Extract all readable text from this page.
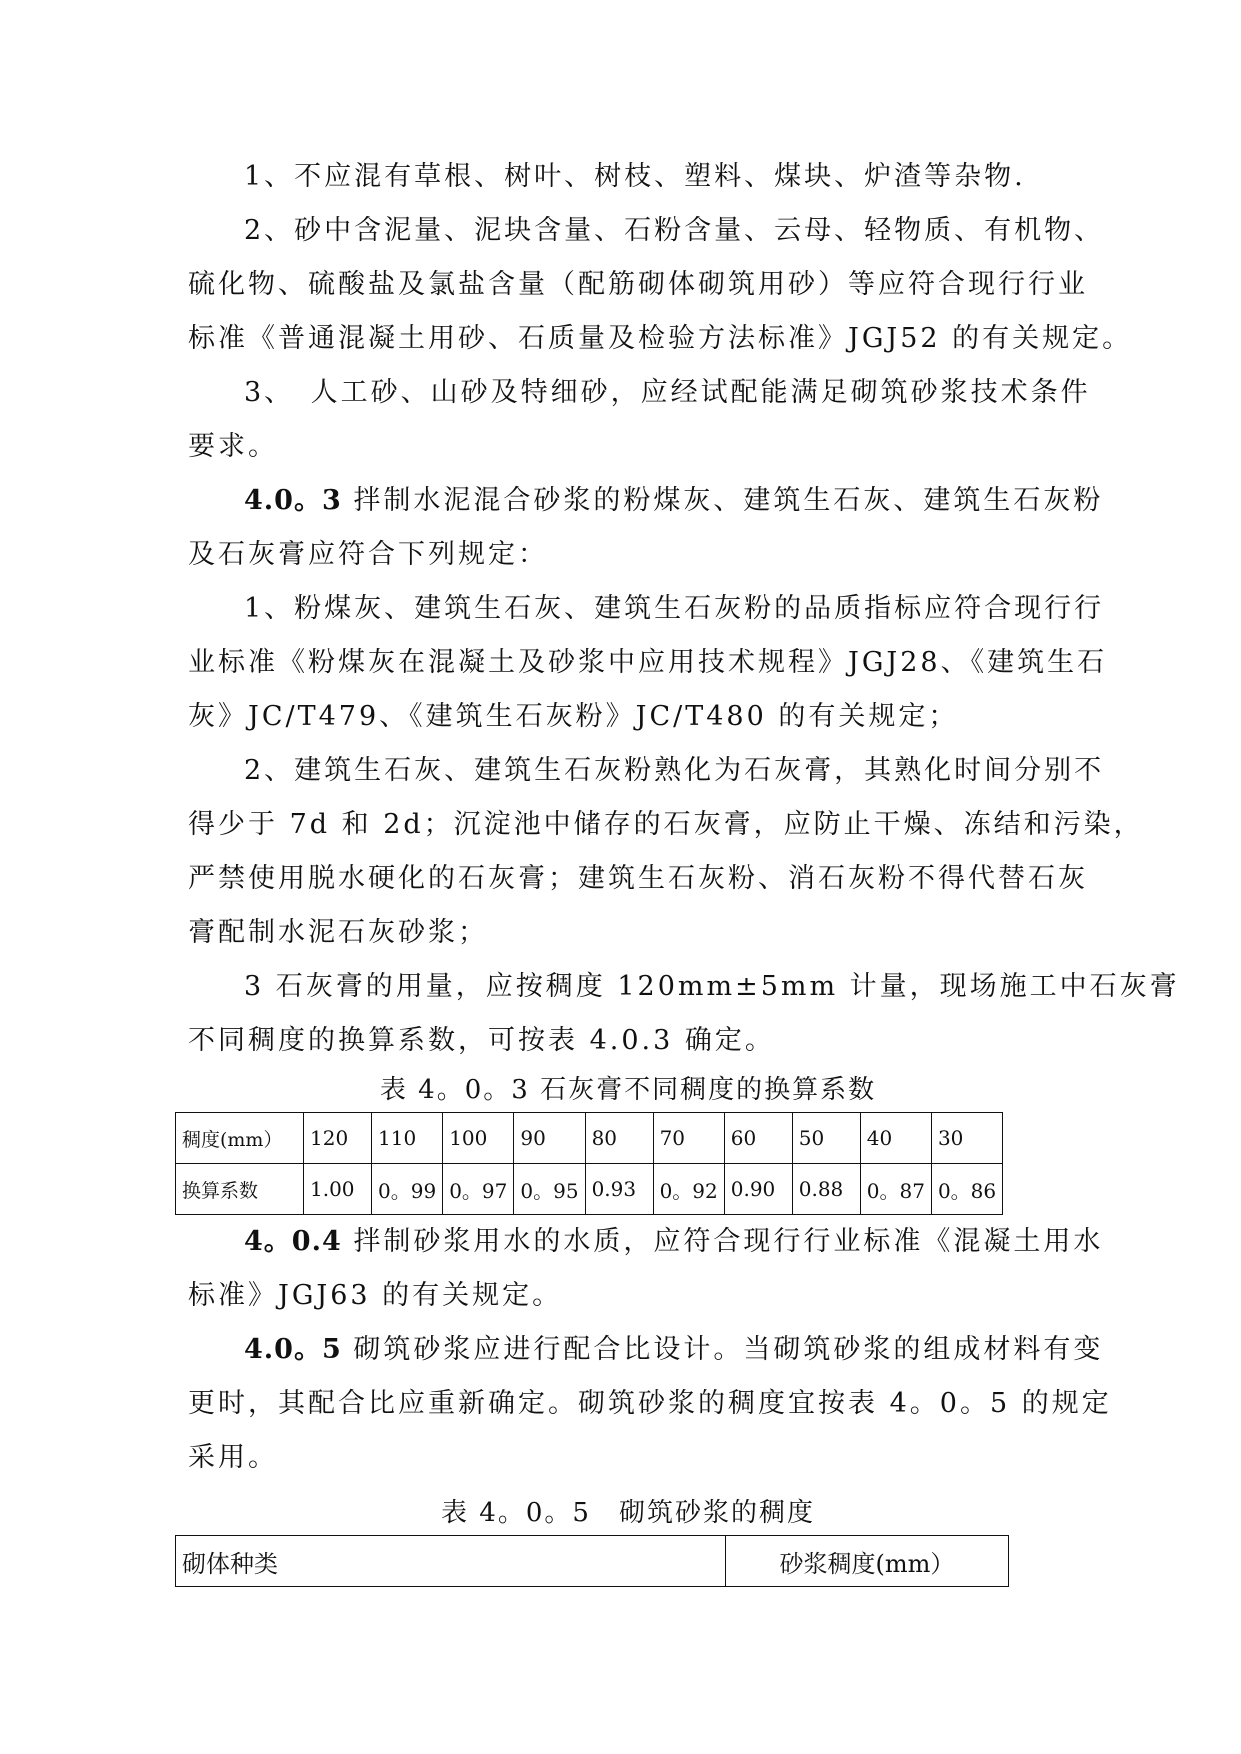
1、不应混有草根、树叶、树枝、塑料、煤块、炉渣等杂物.

2、砂中含泥量、泥块含量、石粉含量、云母、轻物质、有机物、

硫化物、硫酸盐及氯盐含量（配筋砌体砌筑用砂）等应符合现行行业

标准《普通混凝土用砂、石质量及检验方法标准》JGJ52 的有关规定。

3、　人工砂、山砂及特细砂，应经试配能满足砌筑砂浆技术条件

要求。

4.0。3 拌制水泥混合砂浆的粉煤灰、建筑生石灰、建筑生石灰粉

及石灰膏应符合下列规定：

1、粉煤灰、建筑生石灰、建筑生石灰粉的品质指标应符合现行行

业标准《粉煤灰在混凝土及砂浆中应用技术规程》JGJ28、《建筑生石

灰》JC/T479、《建筑生石灰粉》JC/T480 的有关规定；

2、建筑生石灰、建筑生石灰粉熟化为石灰膏，其熟化时间分别不

得少于 7d 和 2d；沉淀池中储存的石灰膏，应防止干燥、冻结和污染，

严禁使用脱水硬化的石灰膏；建筑生石灰粉、消石灰粉不得代替石灰

膏配制水泥石灰砂浆；

3 石灰膏的用量，应按稠度 120mm±5mm 计量，现场施工中石灰膏

不同稠度的换算系数，可按表 4.0.3 确定。

表 4。0。3 石灰膏不同稠度的换算系数

稠度(mm）	120	110	100	90	80	70	60	50	40	30
换算系数	1.00	0。99	0。97	0。95	0.93	0。92	0.90	0.88	0。87	0。86

4。0.4 拌制砂浆用水的水质，应符合现行行业标准《混凝土用水

标准》JGJ63 的有关规定。

4.0。5 砌筑砂浆应进行配合比设计。当砌筑砂浆的组成材料有变

更时，其配合比应重新确定。砌筑砂浆的稠度宜按表 4。0。5 的规定

采用。

表 4。0。5　砌筑砂浆的稠度

砌体种类	砂浆稠度(mm）
